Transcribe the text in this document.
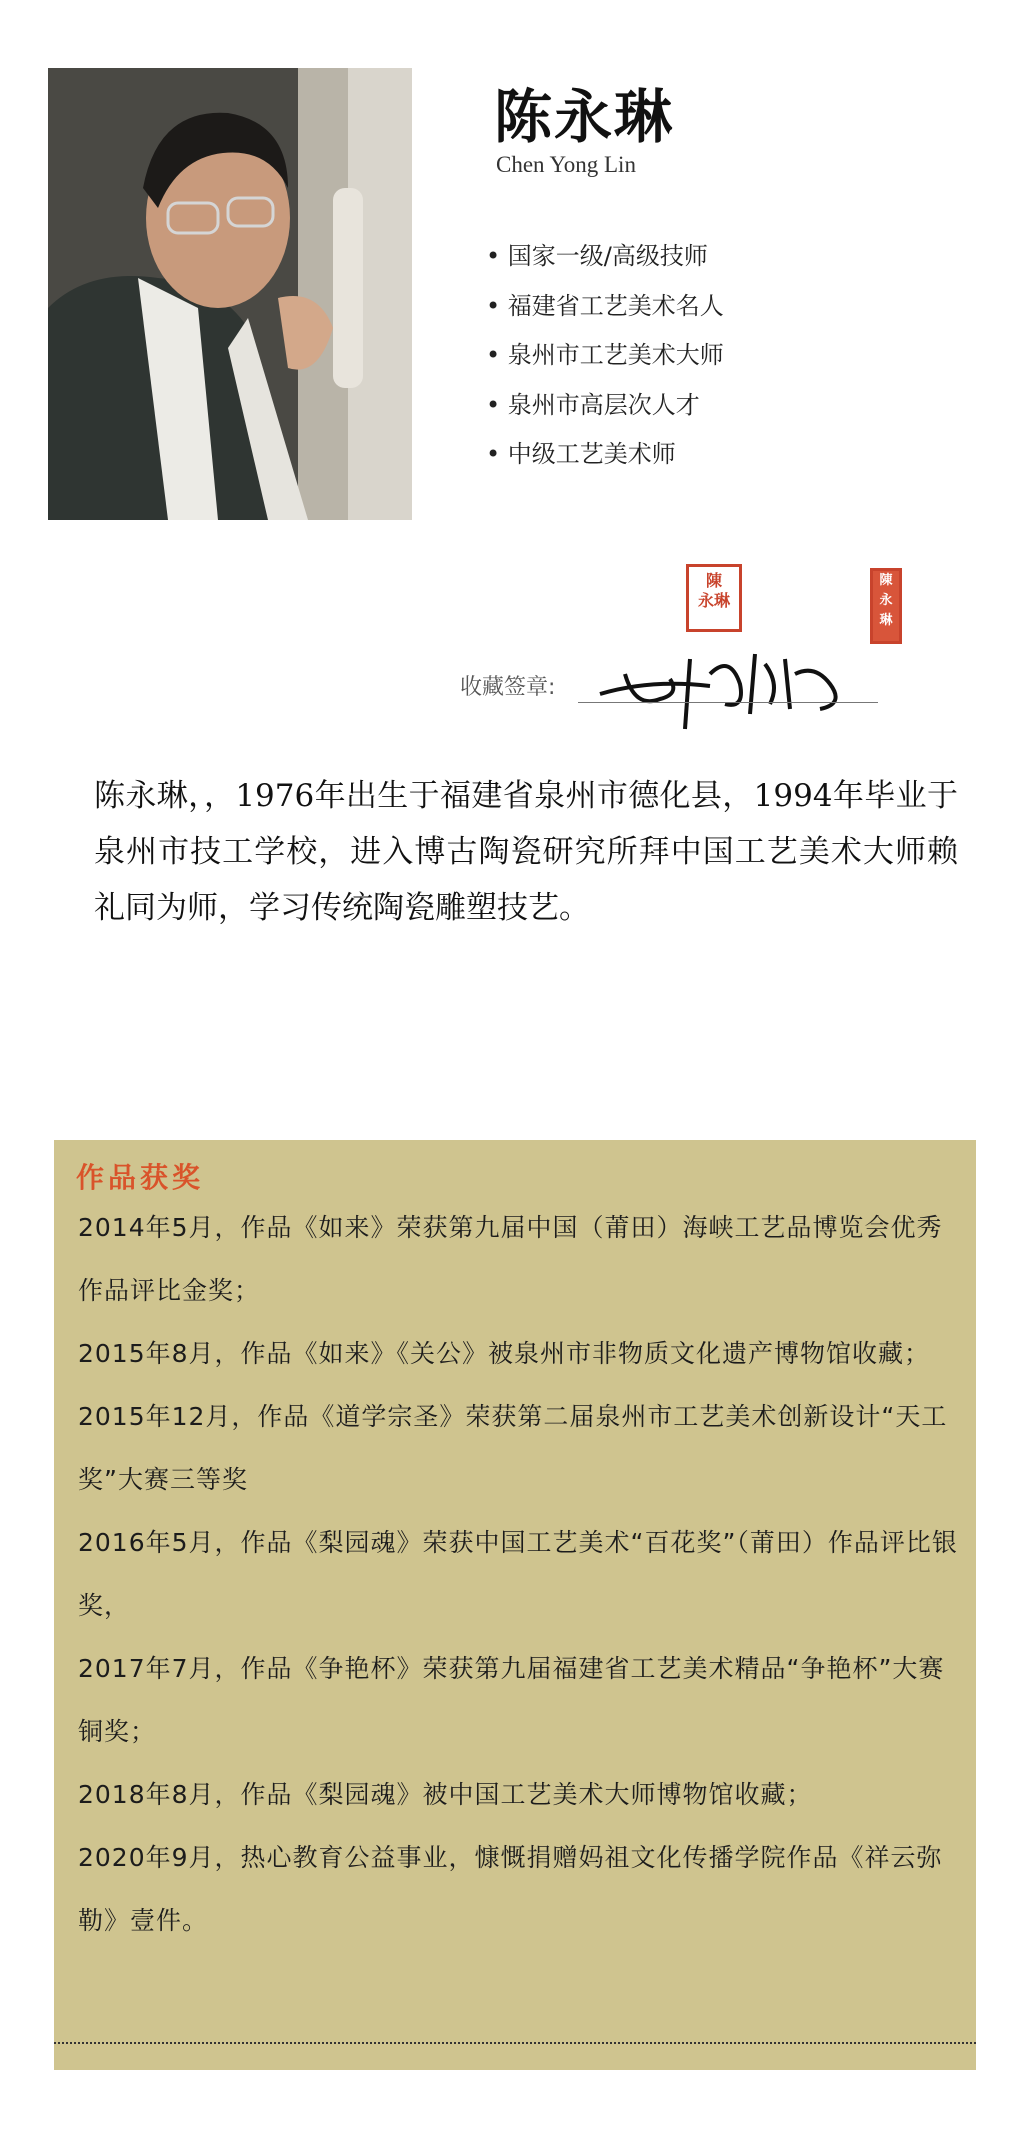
陈永琳
Chen Yong Lin
• 国家一级/高级技师
• 福建省工艺美术名人
• 泉州市工艺美术大师
• 泉州市高层次人才
• 中级工艺美术师
陳
永琳
陳
永
琳
收藏签章:
陈永琳，，1976年出生于福建省泉州市德化县，1994年毕业于泉州市技工学校，进入博古陶瓷研究所拜中国工艺美术大师赖礼同为师，学习传统陶瓷雕塑技艺。
作品获奖
2014年5月，作品《如来》荣获第九届中国（莆田）海峡工艺品博览会优秀作品评比金奖；
2015年8月，作品《如来》《关公》被泉州市非物质文化遗产博物馆收藏；
2015年12月，作品《道学宗圣》荣获第二届泉州市工艺美术创新设计“天工奖”大赛三等奖
2016年5月，作品《梨园魂》荣获中国工艺美术“百花奖”（莆田）作品评比银奖，
2017年7月，作品《争艳杯》荣获第九届福建省工艺美术精品“争艳杯”大赛铜奖；
2018年8月，作品《梨园魂》被中国工艺美术大师博物馆收藏；
2020年9月，热心教育公益事业，慷慨捐赠妈祖文化传播学院作品《祥云弥勒》壹件。
